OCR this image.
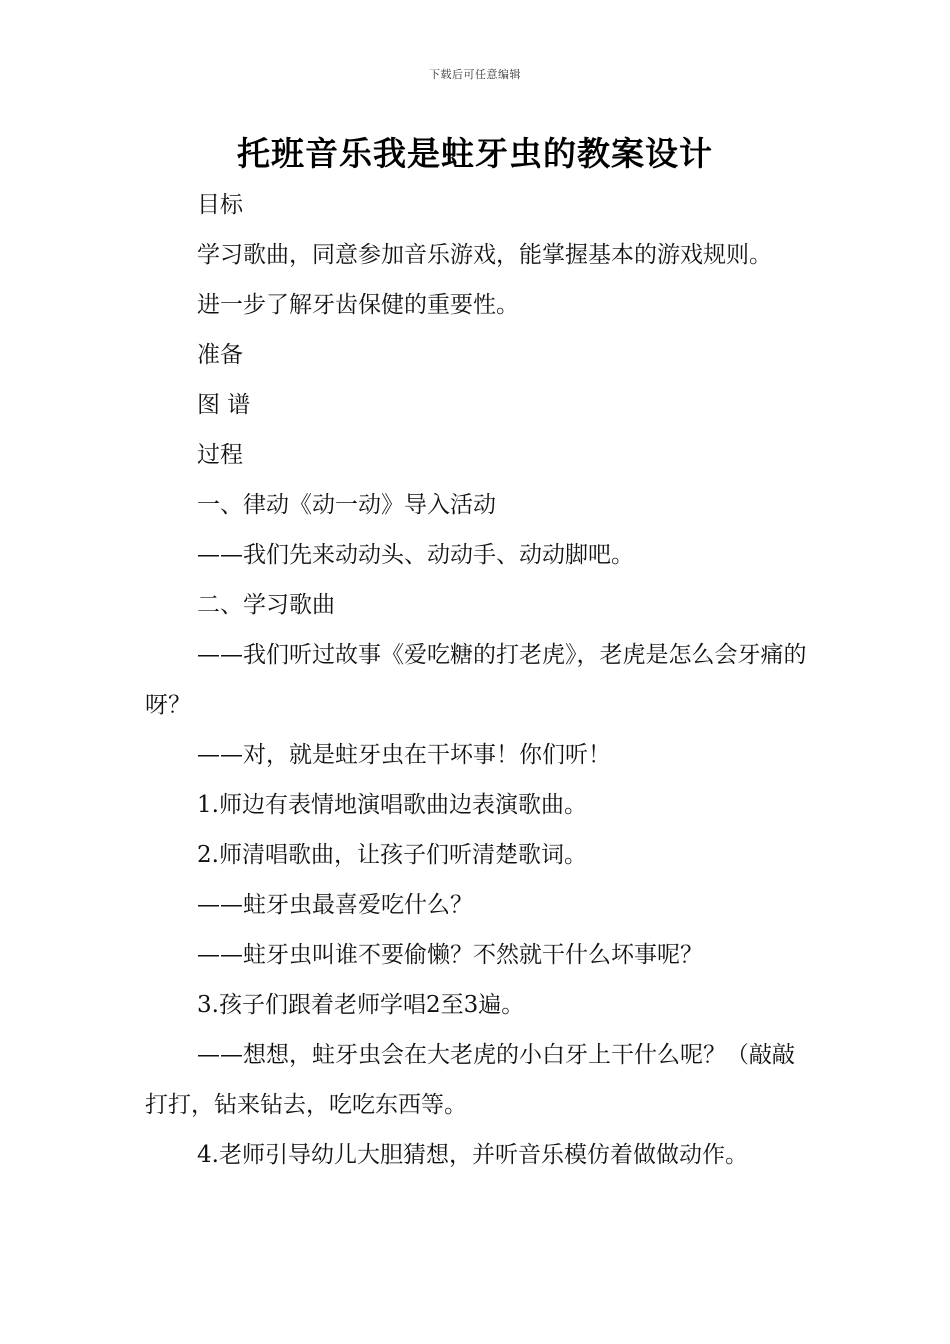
下载后可任意编辑
托班音乐我是蛀牙虫的教案设计

目标

学习歌曲，同意参加音乐游戏，能掌握基本的游戏规则。

进一步了解牙齿保健的重要性。

准备

图 谱

过程

一、律动《动一动》导入活动

——我们先来动动头、动动手、动动脚吧。

二、学习歌曲

——我们听过故事《爱吃糖的打老虎》，老虎是怎么会牙痛的呀？

——对，就是蛀牙虫在干坏事！你们听！

1.师边有表情地演唱歌曲边表演歌曲。

2.师清唱歌曲，让孩子们听清楚歌词。

——蛀牙虫最喜爱吃什么？

——蛀牙虫叫谁不要偷懒？不然就干什么坏事呢？

3.孩子们跟着老师学唱2至3遍。

——想想，蛀牙虫会在大老虎的小白牙上干什么呢？（敲敲打打，钻来钻去，吃吃东西等。

4.老师引导幼儿大胆猜想，并听音乐模仿着做做动作。
